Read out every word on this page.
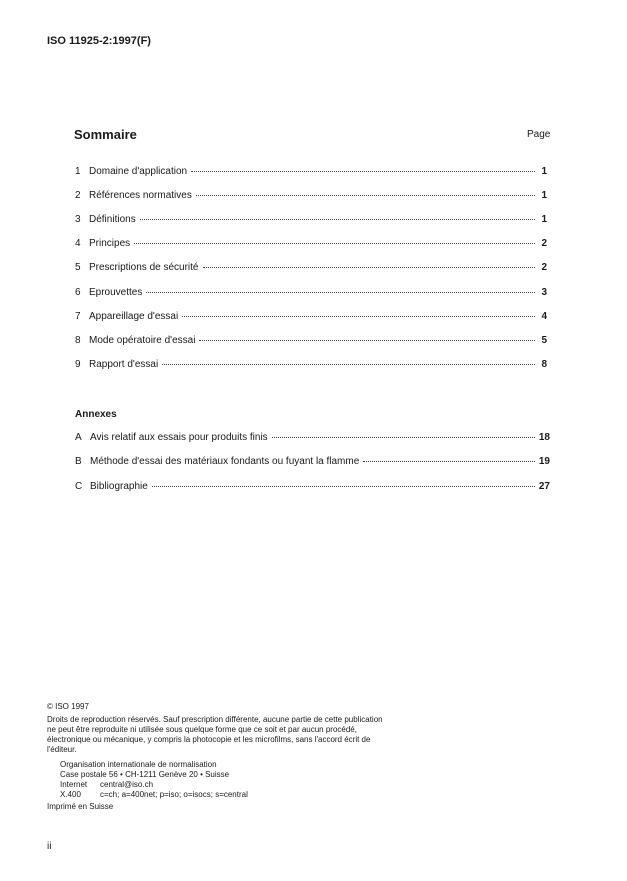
ISO 11925-2:1997(F)
Sommaire	Page
1 Domaine d'application	1
2 Références normatives	1
3 Définitions	1
4 Principes	2
5 Prescriptions de sécurité	2
6 Eprouvettes	3
7 Appareillage d'essai	4
8 Mode opératoire d'essai	5
9 Rapport d'essai	8
Annexes
A Avis relatif aux essais pour produits finis	18
B Méthode d'essai des matériaux fondants ou fuyant la flamme	19
C Bibliographie	27
© ISO 1997
Droits de reproduction réservés. Sauf prescription différente, aucune partie de cette publication ne peut être reproduite ni utilisée sous quelque forme que ce soit et par aucun procédé, électronique ou mécanique, y compris la photocopie et les microfilms, sans l'accord écrit de l'éditeur.
Organisation internationale de normalisation
Case postale 56 • CH-1211 Genève 20 • Suisse
Internet	central@iso.ch
X.400	c=ch; a=400net; p=iso; o=isocs; s=central
Imprimé en Suisse
ii
